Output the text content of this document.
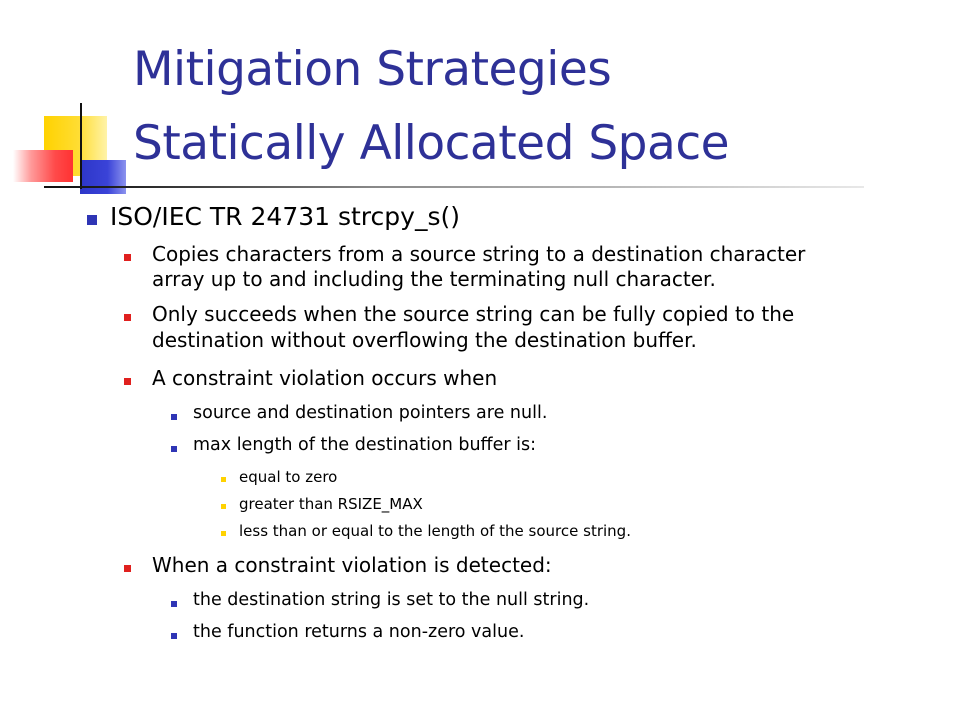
Mitigation Strategies
Statically Allocated Space
ISO/IEC TR 24731 strcpy_s()
Copies characters from a source string to a destination character
array up to and including the terminating null character.
Only succeeds when the source string can be fully copied to the
destination without overflowing the destination buffer.
A constraint violation occurs when
source and destination pointers are null.
max length of the destination buffer is:
equal to zero
greater than RSIZE_MAX
less than or equal to the length of the source string.
When a constraint violation is detected:
the destination string is set to the null string.
the function returns a non-zero value.
